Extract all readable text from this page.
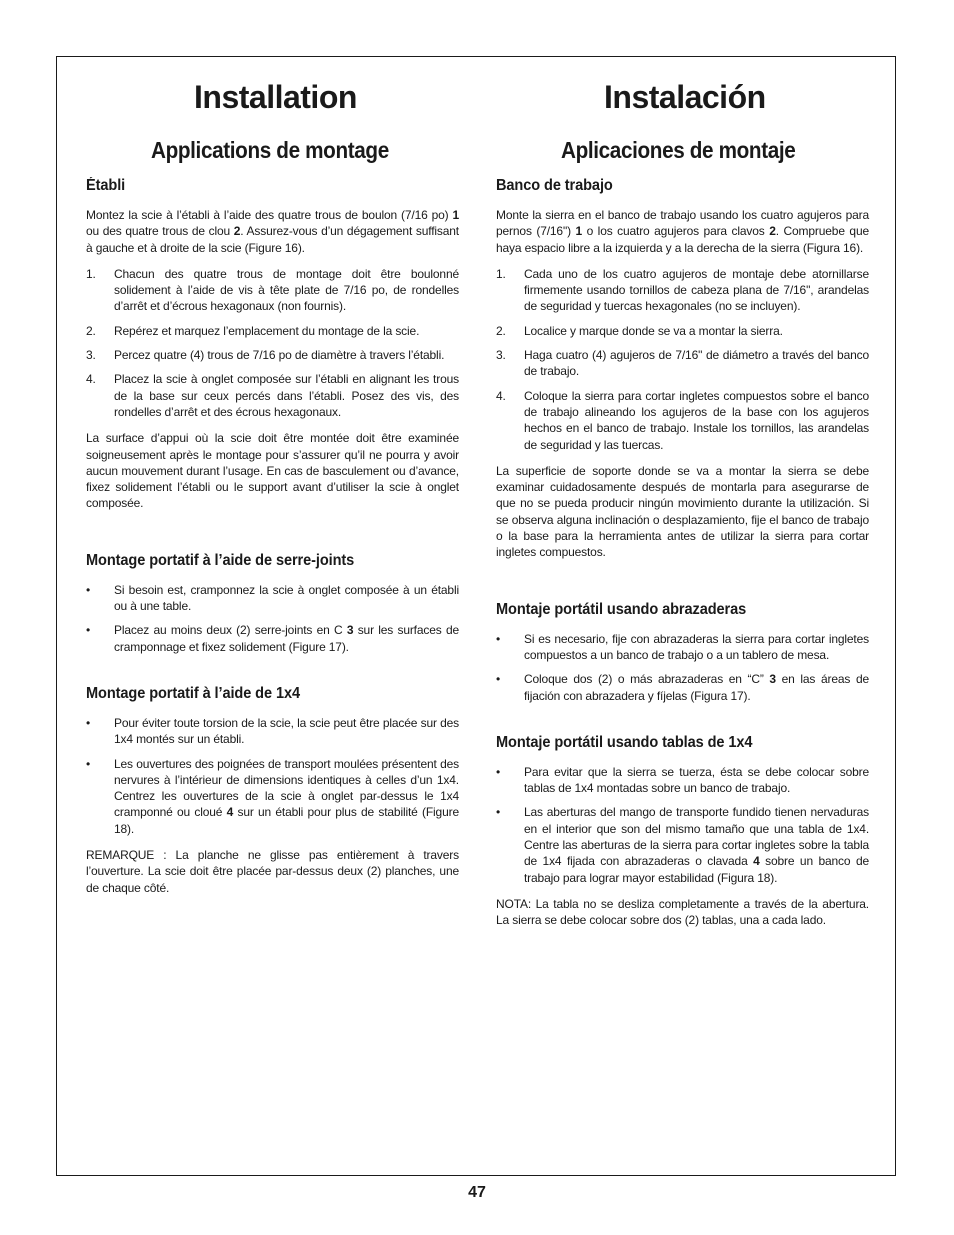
Installation
Applications de montage
Établi

Montez la scie à l’établi à l’aide des quatre trous de boulon (7/16 po) 1 ou des quatre trous de clou 2. Assurez-vous d’un dégagement suffisant à gauche et à droite de la scie (Figure 16).

1. Chacun des quatre trous de montage doit être boulonné solidement à l’aide de vis à tête plate de 7/16 po, de rondelles d’arrêt et d’écrous hexagonaux (non fournis).
2. Repérez et marquez l’emplacement du montage de la scie.
3. Percez quatre (4) trous de 7/16 po de diamètre à travers l’établi.
4. Placez la scie à onglet composée sur l’établi en alignant les trous de la base sur ceux percés dans l’établi. Posez des vis, des rondelles d’arrêt et des écrous hexagonaux.

La surface d’appui où la scie doit être montée doit être examinée soigneusement après le montage pour s’assurer qu’il ne pourra y avoir aucun mouvement durant l’usage. En cas de basculement ou d’avance, fixez solidement l’établi ou le support avant d’utiliser la scie à onglet composée.

Montage portatif à l’aide de serre-joints
• Si besoin est, cramponnez la scie à onglet composée à un établi ou à une table.
• Placez au moins deux (2) serre-joints en C 3 sur les surfaces de cramponnage et fixez solidement (Figure 17).
Montage portatif à l’aide de 1x4
• Pour éviter toute torsion de la scie, la scie peut être placée sur des 1x4 montés sur un établi.
• Les ouvertures des poignées de transport moulées présentent des nervures à l’intérieur de dimensions identiques à celles d’un 1x4. Centrez les ouvertures de la scie à onglet par-dessus le 1x4 cramponné ou cloué 4 sur un établi pour plus de stabilité (Figure 18).

REMARQUE : La planche ne glisse pas entièrement à travers l’ouverture. La scie doit être placée par-dessus deux (2) planches, une de chaque côté.

Instalación
Aplicaciones de montaje
Banco de trabajo

Monte la sierra en el banco de trabajo usando los cuatro agujeros para pernos (7/16") 1 o los cuatro agujeros para clavos 2. Compruebe que haya espacio libre a la izquierda y a la derecha de la sierra (Figura 16).

1. Cada uno de los cuatro agujeros de montaje debe atornillarse firmemente usando tornillos de cabeza plana de 7/16", arandelas de seguridad y tuercas hexagonales (no se incluyen).
2. Localice y marque donde se va a montar la sierra.
3. Haga cuatro (4) agujeros de 7/16" de diámetro a través del banco de trabajo.
4. Coloque la sierra para cortar ingletes compuestos sobre el banco de trabajo alineando los agujeros de la base con los agujeros hechos en el banco de trabajo. Instale los tornillos, las arandelas de seguridad y las tuercas.

La superficie de soporte donde se va a montar la sierra se debe examinar cuidadosamente después de montarla para asegurarse de que no se pueda producir ningún movimiento durante la utilización. Si se observa alguna inclinación o desplazamiento, fije el banco de trabajo o la base para la herramienta antes de utilizar la sierra para cortar ingletes compuestos.

Montaje portátil usando abrazaderas
• Si es necesario, fije con abrazaderas la sierra para cortar ingletes compuestos a un banco de trabajo o a un tablero de mesa.
• Coloque dos (2) o más abrazaderas en “C” 3 en las áreas de fijación con abrazadera y fíjelas (Figura 17).
Montaje portátil usando tablas de 1x4
• Para evitar que la sierra se tuerza, ésta se debe colocar sobre tablas de 1x4 montadas sobre un banco de trabajo.
• Las aberturas del mango de transporte fundido tienen nervaduras en el interior que son del mismo tamaño que una tabla de 1x4. Centre las aberturas de la sierra para cortar ingletes sobre la tabla de 1x4 fijada con abrazaderas o clavada 4 sobre un banco de trabajo para lograr mayor estabilidad (Figura 18).

NOTA: La tabla no se desliza completamente a través de la abertura. La sierra se debe colocar sobre dos (2) tablas, una a cada lado.

47
